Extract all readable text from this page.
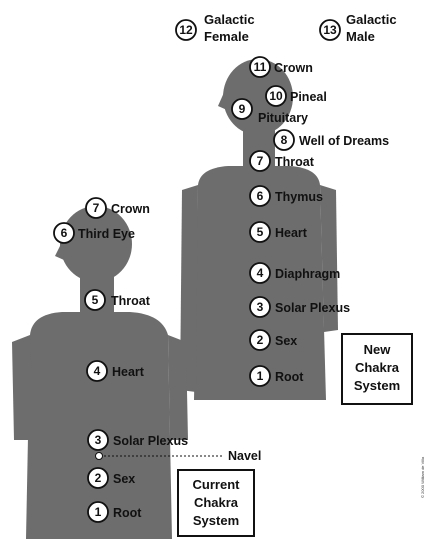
Navel
12
Galactic
Female	13
Galactic
Male
11 Crown
10 Pineal
9
Pituitary
8 Well of Dreams
7 Throat
6 Thymus
5 Heart
4 Diaphragm
3 Solar Plexus
2 Sex
1 Root
New
Chakra
System
7 Crown
6 Third Eye
5 Throat
4 Heart
3 Solar Plexus
2 Sex
1 Root
Current
Chakra
System
© 2000 William de Villa
